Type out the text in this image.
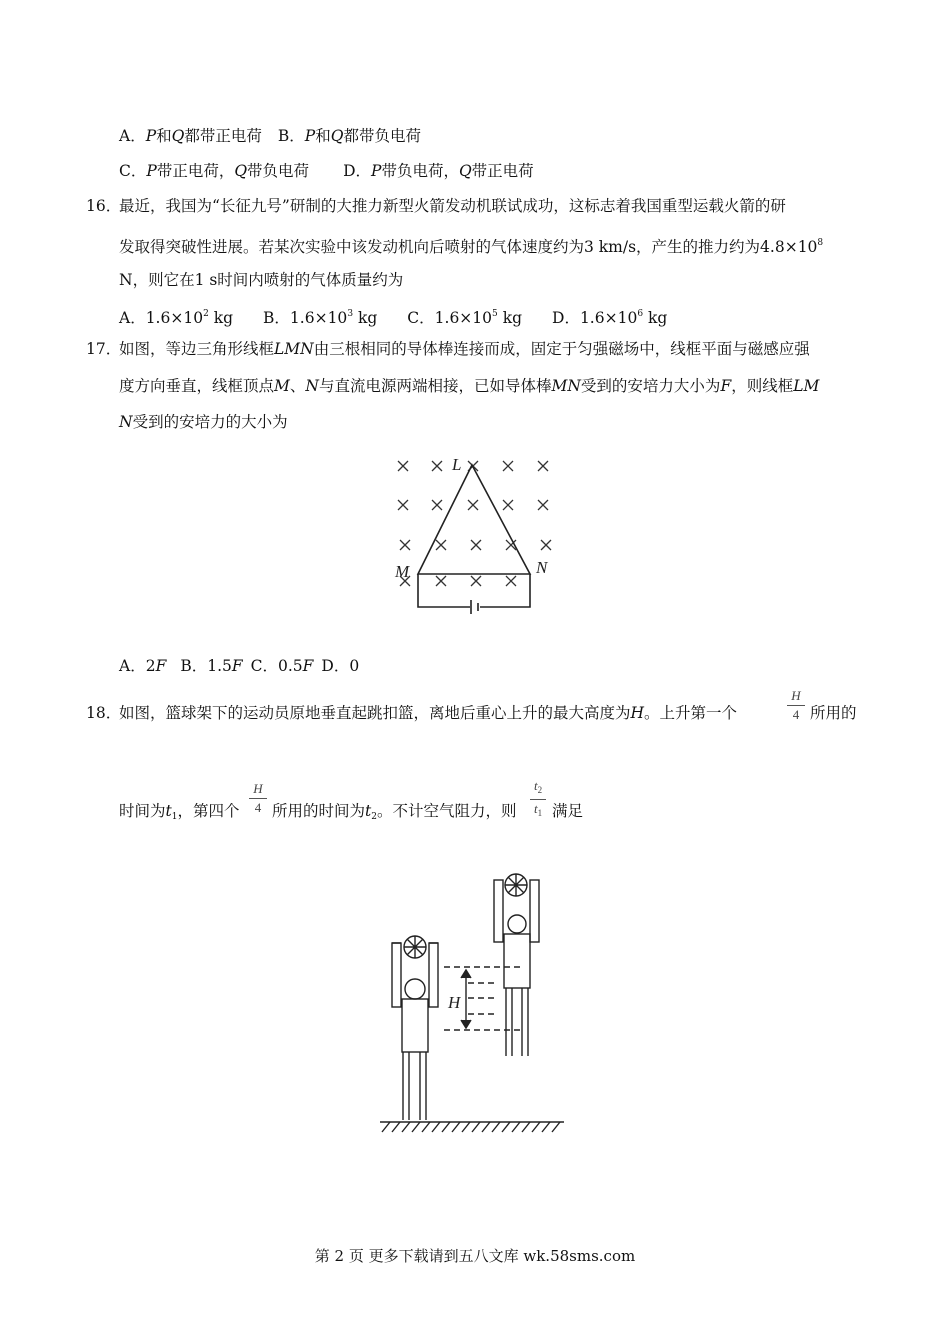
A．P和Q都带正电荷 B．P和Q都带负电荷
C．P带正电荷，Q带负电荷 D．P带负电荷，Q带正电荷
16．
最近，我国为“长征九号”研制的大推力新型火箭发动机联试成功，这标志着我国重型运载火箭的研
发取得突破性进展。若某次实验中该发动机向后喷射的气体速度约为3 km/s，产生的推力约为$4.8\times 10^8$
N，则它在1 s时间内喷射的气体质量约为
A．$1.6\times 10^2$ kg B．$1.6\times 10^3$ kg C．$1.6\times 10^5$ kg D．$1.6\times 10^6$ kg
17．
如图，等边三角形线框LMN由三根相同的导体棒连接而成，固定于匀强磁场中，线框平面与磁感应强
度方向垂直，线框顶点M、N与直流电源两端相接，已如导体棒MN受到的安培力大小为F，则线框LM
N受到的安培力的大小为
L
M	N
A．2F B．1.5F C．0.5F D．0
18．
如图，篮球架下的运动员原地垂直起跳扣篮，离地后重心上升的最大高度为H。上升第一个
H
4 所用的
时间为$t_1$，第四个
H
4 所用的时间为$t_2$。不计空气阻力，则
$t_2$
$t_1$ 满足
H
第 2 页 更多下载请到五八文库 wk.58sms.com
